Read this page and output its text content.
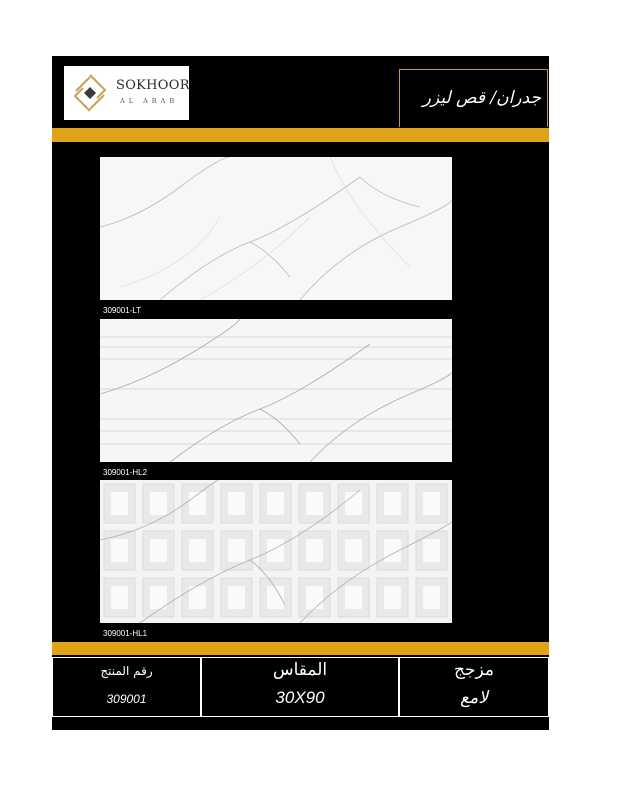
SOKHOOR
AL ARAB	جدران/ قص ليزر
309001-LT
309001-HL2
309001-HL1
رقم المنتج
309001
المقاس
30X90
مزجج
لامع
